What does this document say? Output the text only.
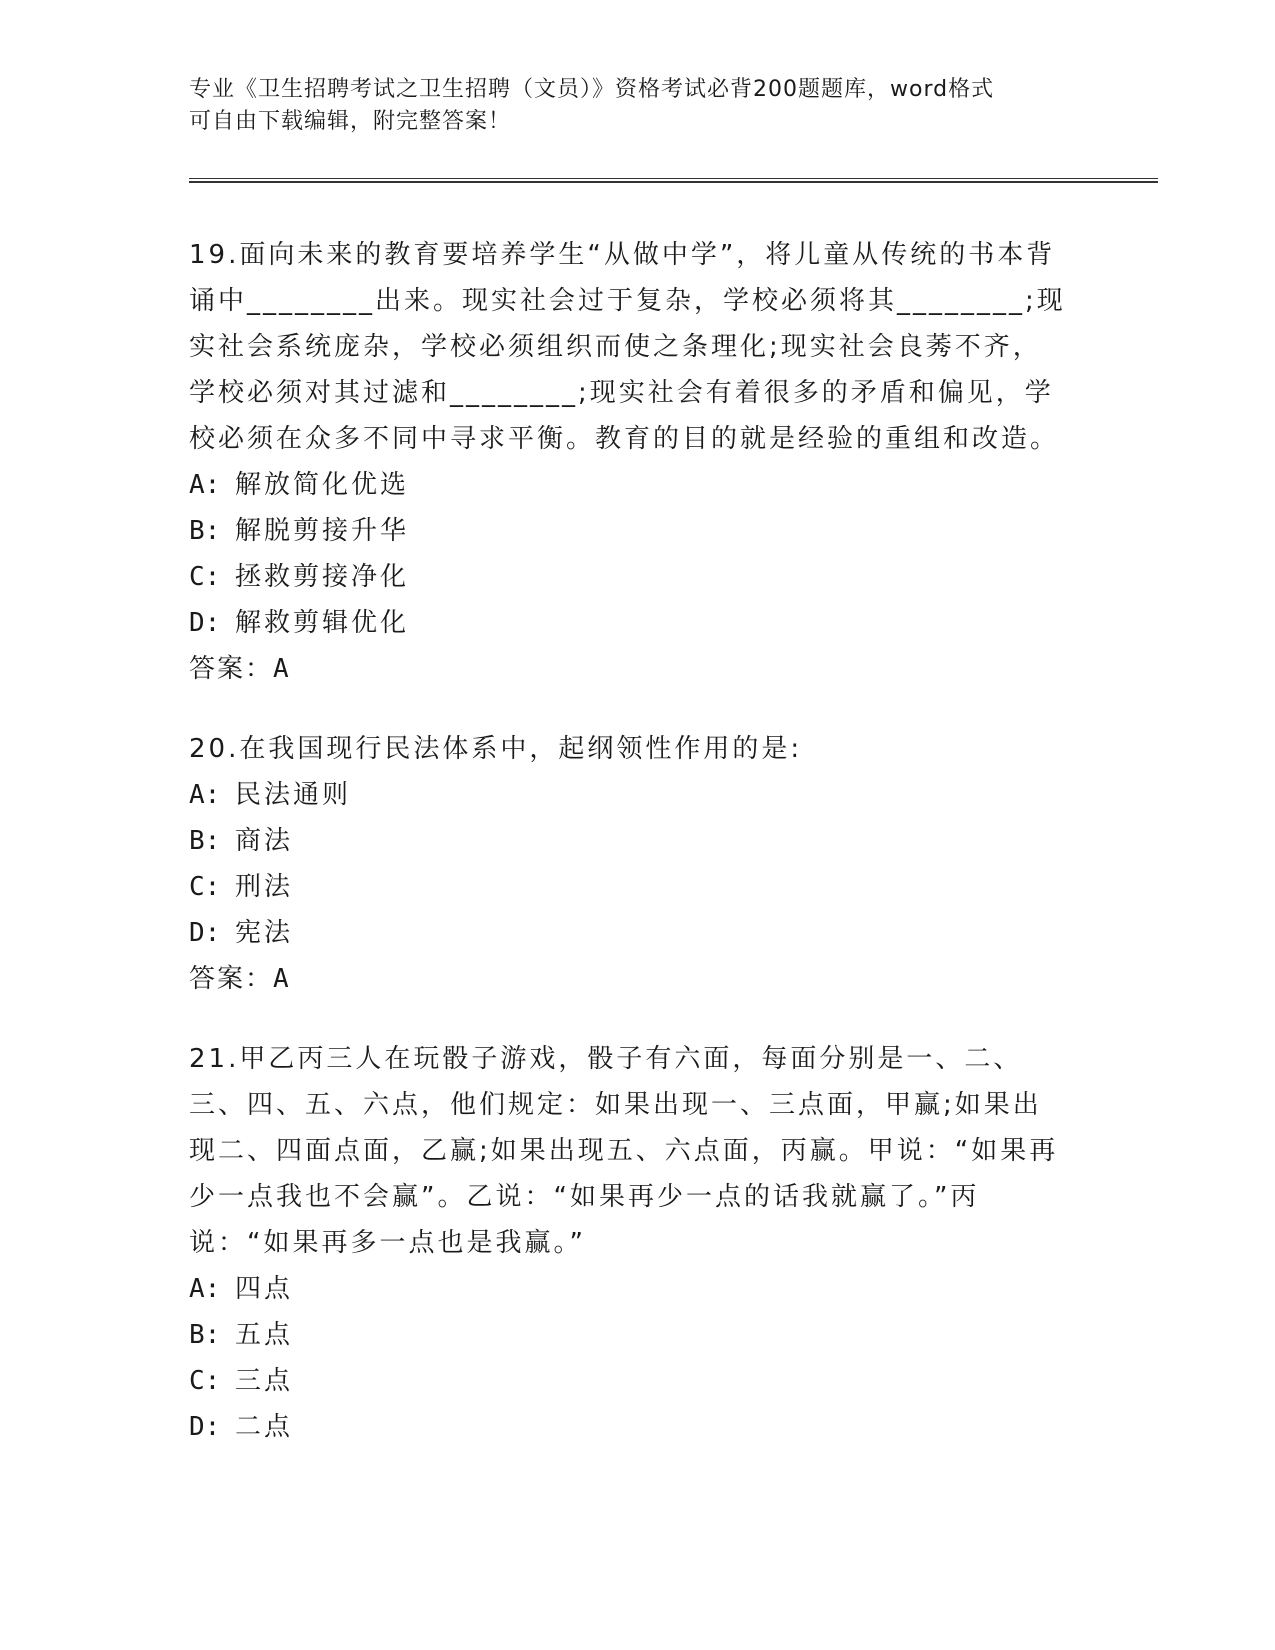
专业《卫生招聘考试之卫生招聘（文员）》资格考试必背200题题库，word格式
可自由下载编辑，附完整答案！

19.面向未来的教育要培养学生“从做中学”，将儿童从传统的书本背诵中________出来。现实社会过于复杂，学校必须将其________;现实社会系统庞杂，学校必须组织而使之条理化;现实社会良莠不齐，学校必须对其过滤和________;现实社会有着很多的矛盾和偏见，学校必须在众多不同中寻求平衡。教育的目的就是经验的重组和改造。

A: 解放简化优选

B: 解脱剪接升华

C: 拯救剪接净化

D: 解救剪辑优化

答案：A

20.在我国现行民法体系中，起纲领性作用的是:

A: 民法通则

B: 商法

C: 刑法

D: 宪法

答案：A

21.甲乙丙三人在玩骰子游戏，骰子有六面，每面分别是一、二、三、四、五、六点，他们规定：如果出现一、三点面，甲赢;如果出现二、四面点面，乙赢;如果出现五、六点面，丙赢。甲说：“如果再少一点我也不会赢”。乙说：“如果再少一点的话我就赢了。”丙说：“如果再多一点也是我赢。”

A: 四点

B: 五点

C: 三点

D: 二点
